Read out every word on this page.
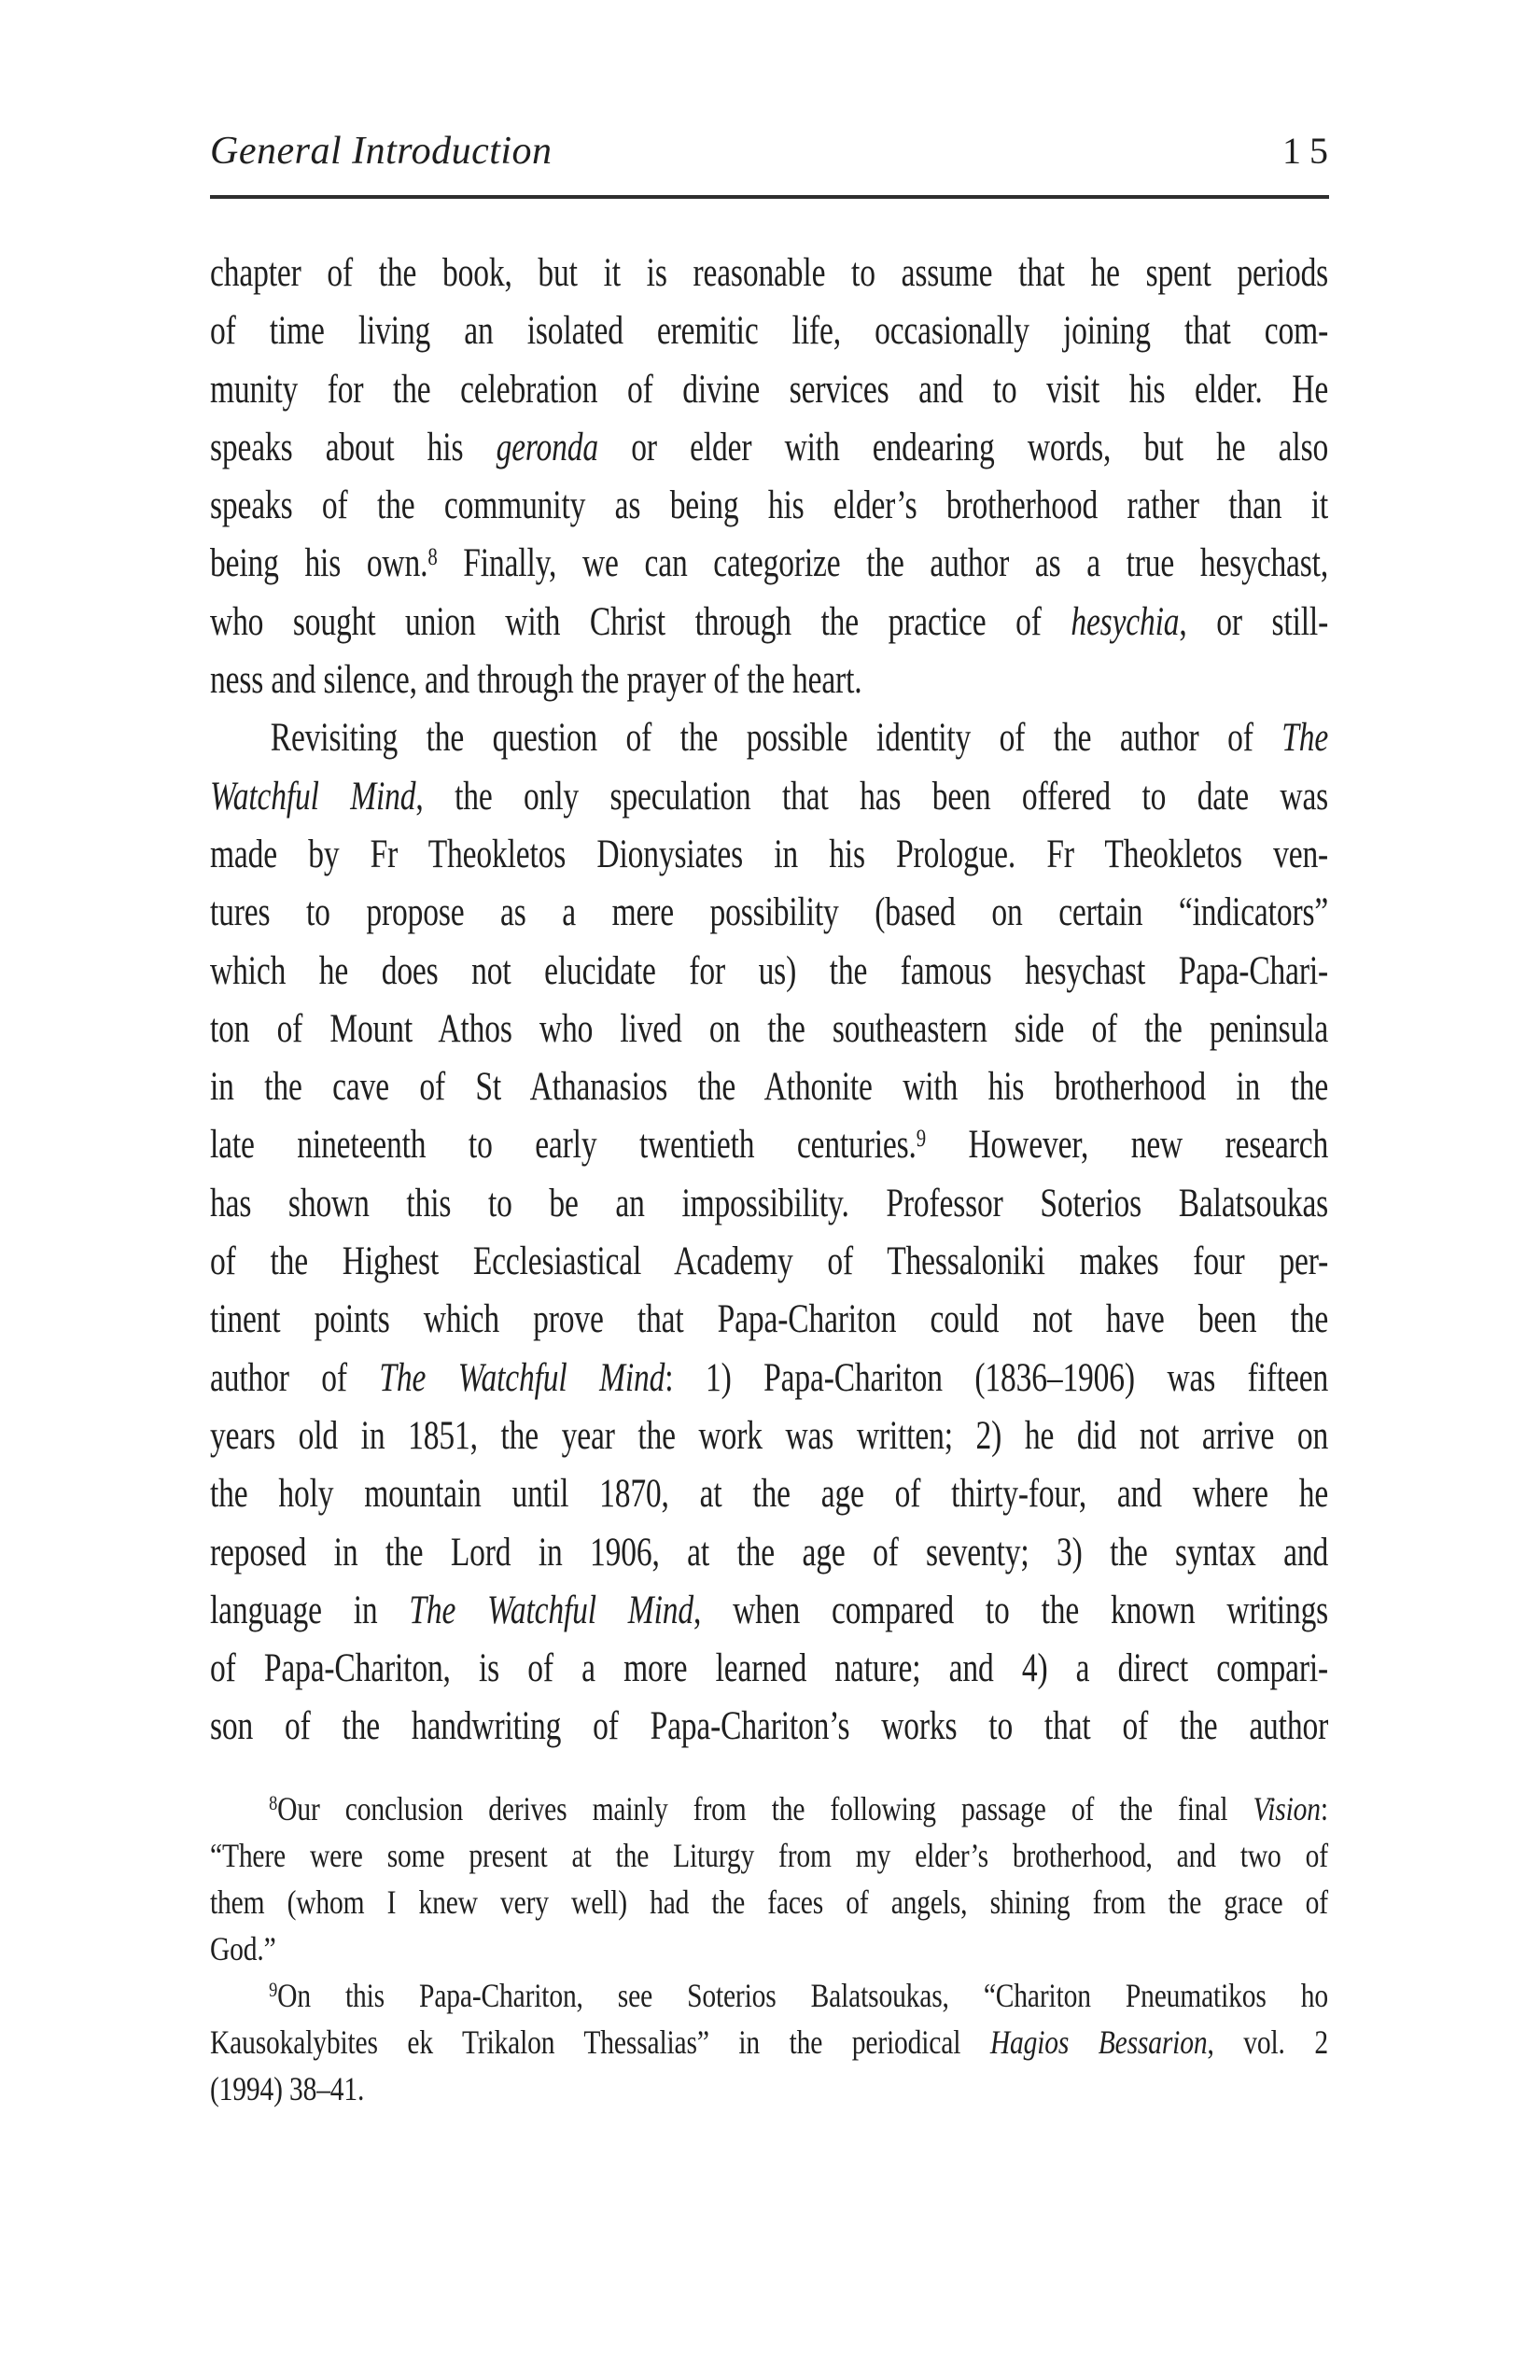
General Introduction	15
chapter of the book, but it is reasonable to assume that he spent periods
of time living an isolated eremitic life, occasionally joining that com-
munity for the celebration of divine services and to visit his elder. He
speaks about his geronda or elder with endearing words, but he also
speaks of the community as being his elder’s brotherhood rather than it
being his own.$^8$ Finally, we can categorize the author as a true hesychast,
who sought union with Christ through the practice of hesychia, or still-
ness and silence, and through the prayer of the heart.
Revisiting the question of the possible identity of the author of The
Watchful Mind, the only speculation that has been offered to date was
made by Fr Theokletos Dionysiates in his Prologue. Fr Theokletos ven-
tures to propose as a mere possibility (based on certain “indicators”
which he does not elucidate for us) the famous hesychast Papa-Chari-
ton of Mount Athos who lived on the southeastern side of the peninsula
in the cave of St Athanasios the Athonite with his brotherhood in the
late nineteenth to early twentieth centuries.$^9$ However, new research
has shown this to be an impossibility. Professor Soterios Balatsoukas
of the Highest Ecclesiastical Academy of Thessaloniki makes four per-
tinent points which prove that Papa-Chariton could not have been the
author of The Watchful Mind: 1) Papa-Chariton (1836–1906) was fifteen
years old in 1851, the year the work was written; 2) he did not arrive on
the holy mountain until 1870, at the age of thirty-four, and where he
reposed in the Lord in 1906, at the age of seventy; 3) the syntax and
language in The Watchful Mind, when compared to the known writings
of Papa-Chariton, is of a more learned nature; and 4) a direct compari-
son of the handwriting of Papa-Chariton’s works to that of the author
$^8$Our conclusion derives mainly from the following passage of the final Vision:
“There were some present at the Liturgy from my elder’s brotherhood, and two of
them (whom I knew very well) had the faces of angels, shining from the grace of
God.”
$^9$On this Papa-Chariton, see Soterios Balatsoukas, “Chariton Pneumatikos ho
Kausokalybites ek Trikalon Thessalias” in the periodical Hagios Bessarion, vol. 2
(1994) 38–41.
